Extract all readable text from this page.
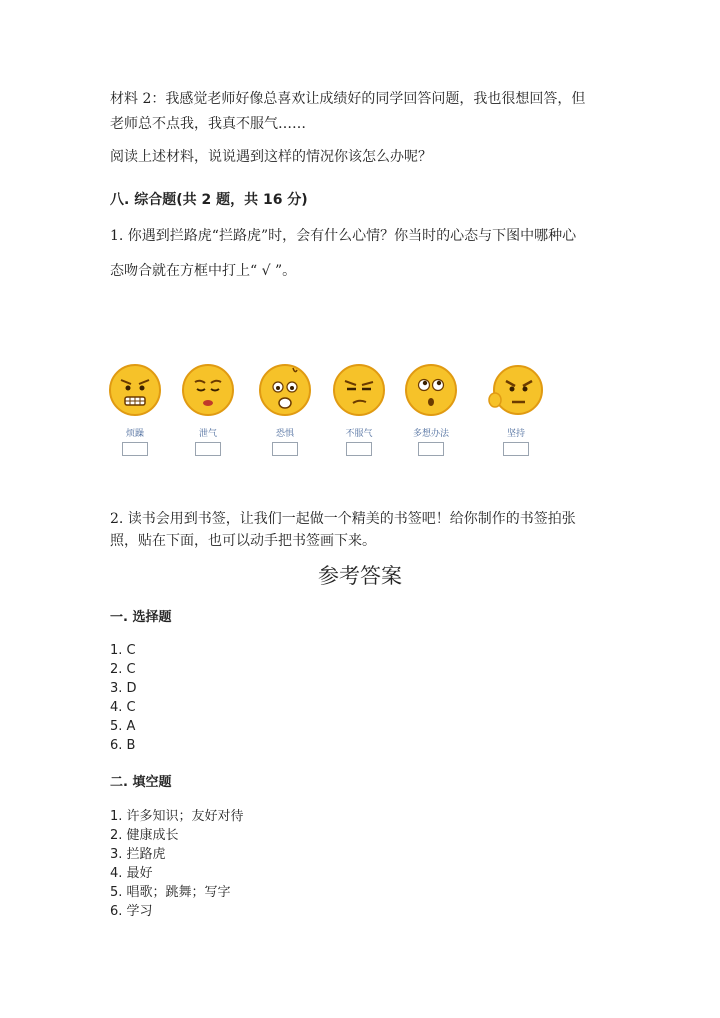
材料 2：我感觉老师好像总喜欢让成绩好的同学回答问题，我也很想回答，但
老师总不点我，我真不服气……
阅读上述材料，说说遇到这样的情况你该怎么办呢？
八. 综合题(共 2 题，共 16 分)
1. 你遇到拦路虎“拦路虎”时，会有什么心情？你当时的心态与下图中哪种心
态吻合就在方框中打上“ √ ”。
烦躁	泄气	恐惧	不服气	多想办法	坚持
2. 读书会用到书签，让我们一起做一个精美的书签吧！给你制作的书签拍张
照，贴在下面，也可以动手把书签画下来。
参考答案
一. 选择题
1. C
2. C
3. D
4. C
5. A
6. B
二. 填空题
1. 许多知识；友好对待
2. 健康成长
3. 拦路虎
4. 最好
5. 唱歌；跳舞；写字
6. 学习
